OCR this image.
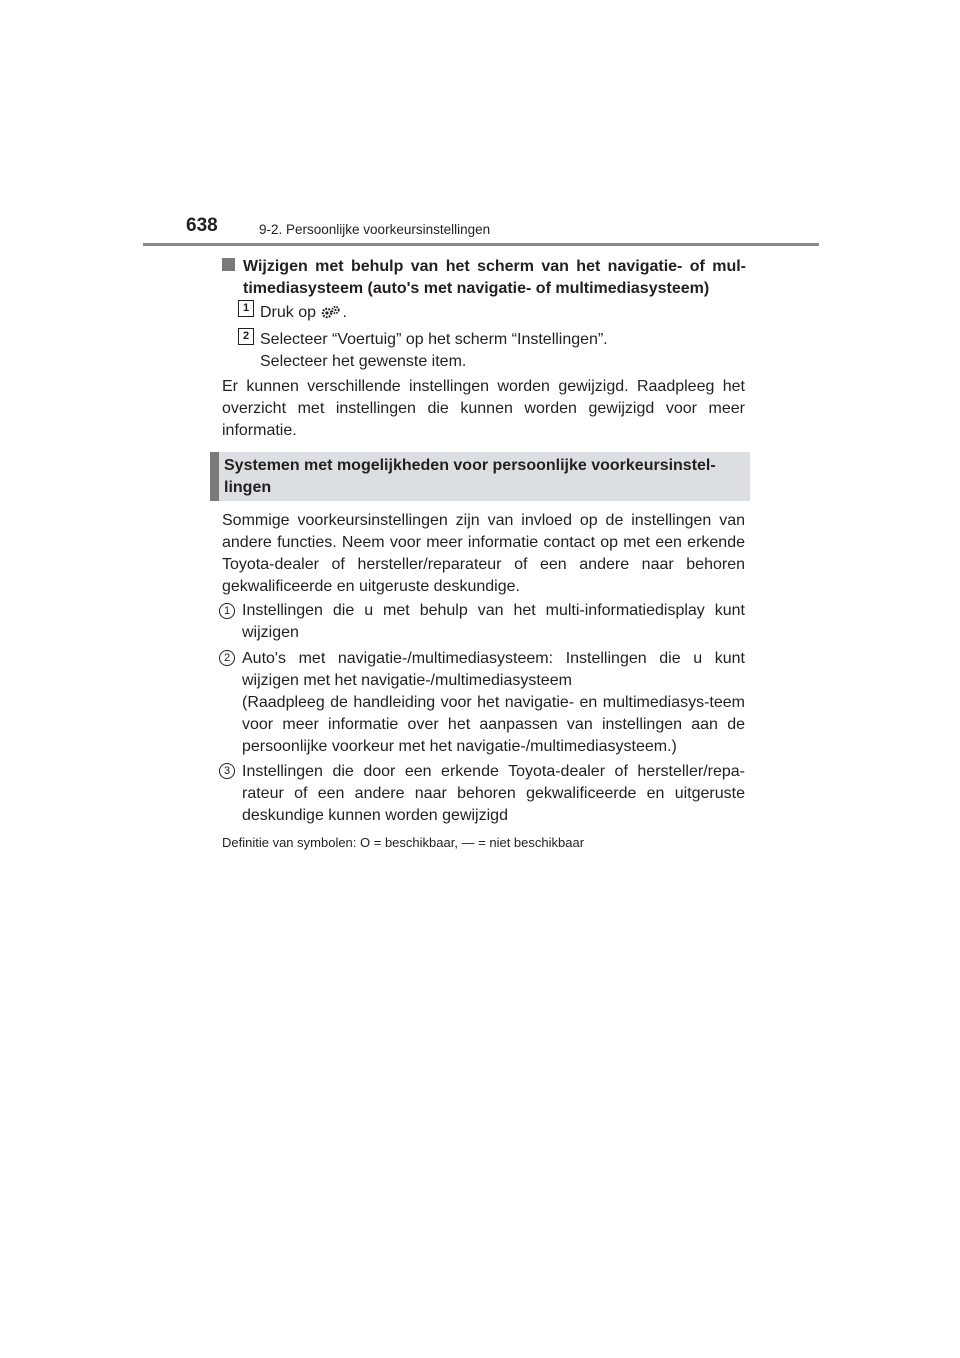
638	9-2. Persoonlijke voorkeursinstellingen
Wijzigen met behulp van het scherm van het navigatie- of mul-timediasysteem (auto's met navigatie- of multimediasysteem)
1 Druk op .
2 Selecteer “Voertuig” op het scherm “Instellingen”.
Selecteer het gewenste item.
Er kunnen verschillende instellingen worden gewijzigd. Raadpleeg het overzicht met instellingen die kunnen worden gewijzigd voor meer informatie.
Systemen met mogelijkheden voor persoonlijke voorkeursinstel-lingen
Sommige voorkeursinstellingen zijn van invloed op de instellingen van andere functies. Neem voor meer informatie contact op met een erkende Toyota-dealer of hersteller/reparateur of een andere naar behoren gekwalificeerde en uitgeruste deskundige.
1 Instellingen die u met behulp van het multi-informatiedisplay kunt wijzigen
2 Auto's met navigatie-/multimediasysteem: Instellingen die u kunt wijzigen met het navigatie-/multimediasysteem
(Raadpleeg de handleiding voor het navigatie- en multimediasys-teem voor meer informatie over het aanpassen van instellingen aan de persoonlijke voorkeur met het navigatie-/multimediasysteem.)
3 Instellingen die door een erkende Toyota-dealer of hersteller/repa-rateur of een andere naar behoren gekwalificeerde en uitgeruste deskundige kunnen worden gewijzigd
Definitie van symbolen: O = beschikbaar, — = niet beschikbaar
